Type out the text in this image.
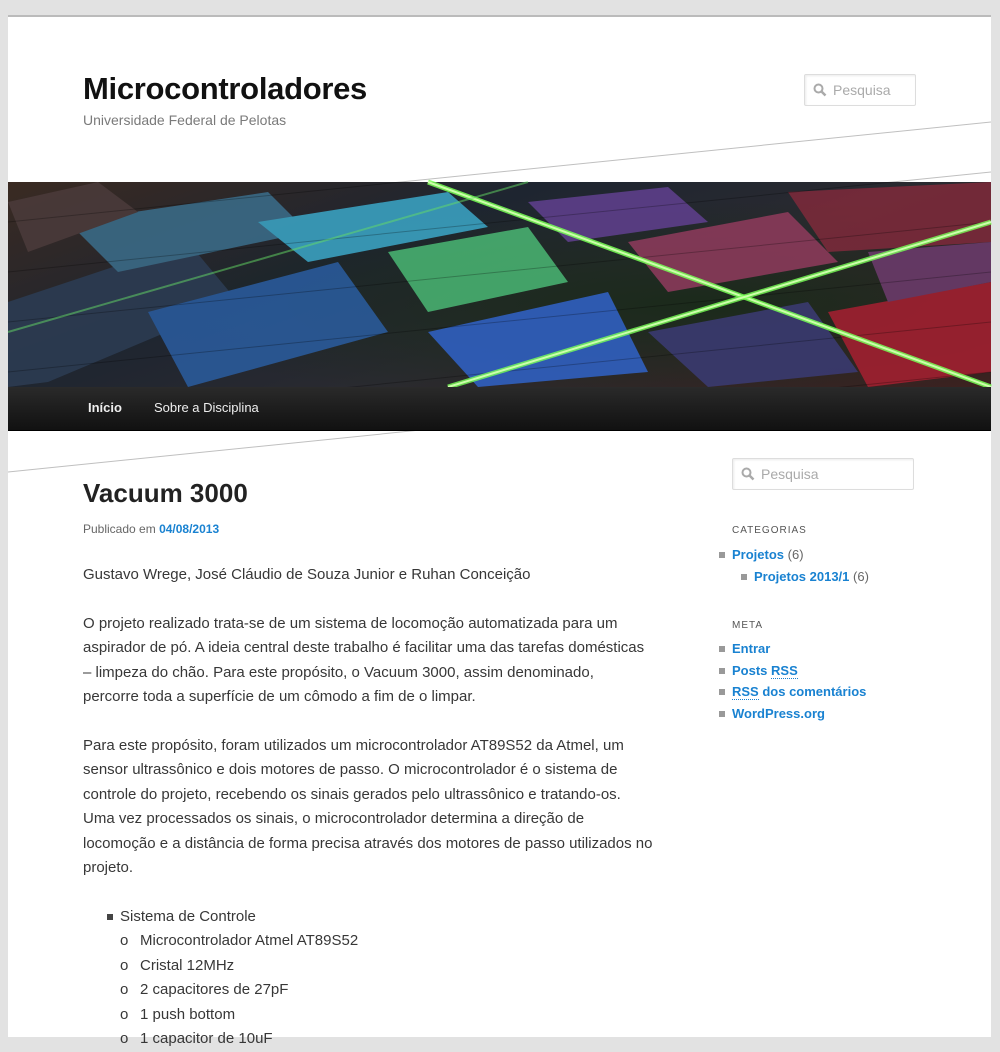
Microcontroladores
Universidade Federal de Pelotas
Pesquisa
Início Sobre a Disciplina
Vacuum 3000
Publicado em 04/08/2013

Gustavo Wrege, José Cláudio de Souza Junior e Ruhan Conceição

O projeto realizado trata-se de um sistema de locomoção automatizada para um aspirador de pó. A ideia central deste trabalho é facilitar uma das tarefas domésticas – limpeza do chão. Para este propósito, o Vacuum 3000, assim denominado, percorre toda a superfície de um cômodo a fim de o limpar.

Para este propósito, foram utilizados um microcontrolador AT89S52 da Atmel, um sensor ultrassônico e dois motores de passo. O microcontrolador é o sistema de controle do projeto, recebendo os sinais gerados pelo ultrassônico e tratando-os. Uma vez processados os sinais, o microcontrolador determina a direção de locomoção e a distância de forma precisa através dos motores de passo utilizados no projeto.

Sistema de Controle
o Microcontrolador Atmel AT89S52
o Cristal 12MHz
o 2 capacitores de 27pF
o 1 push bottom
o 1 capacitor de 10uF
Pesquisa
CATEGORIAS
Projetos (6)
Projetos 2013/1 (6)
META
Entrar
Posts RSS
RSS dos comentários
WordPress.org
